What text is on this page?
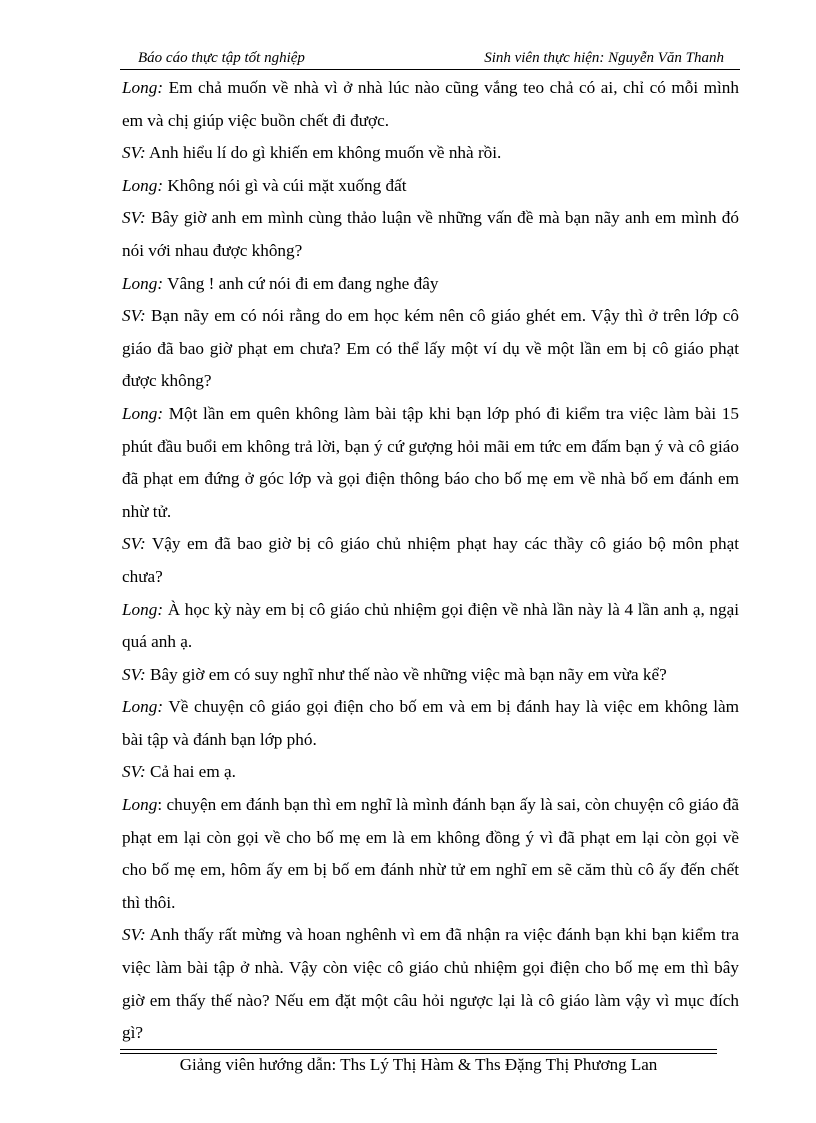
Báo cáo thực tập tốt nghiệp	Sinh viên thực hiện: Nguyễn Văn Thanh

Long: Em chả muốn về nhà vì ở nhà lúc nào cũng vắng teo chả có ai, chỉ có mỗi mình em và chị giúp việc buồn chết đi được.

SV: Anh hiểu lí do gì khiến em không muốn về nhà rồi.

Long: Không nói gì và cúi mặt xuống đất

SV: Bây giờ anh em mình cùng thảo luận về những vấn đề mà bạn nãy anh em mình đó nói với nhau được không?

Long: Vâng ! anh cứ nói đi em đang nghe đây

SV: Bạn nãy em có nói rằng do em học kém nên cô giáo ghét em. Vậy thì ở trên lớp cô giáo đã bao giờ phạt em chưa? Em có thể lấy một ví dụ về một lần em bị cô giáo phạt được không?

Long: Một lần em quên không làm bài tập khi bạn lớp phó đi kiểm tra việc làm bài 15 phút đầu buổi em không trả lời, bạn ý cứ gượng hỏi mãi em tức em đấm bạn ý và cô giáo đã phạt em đứng ở góc lớp và gọi điện thông báo cho bố mẹ em về nhà bố em đánh em nhừ tử.

SV: Vậy em đã bao giờ bị cô giáo chủ nhiệm phạt hay các thầy cô giáo bộ môn phạt chưa?

Long: À học kỳ này em bị cô giáo chủ nhiệm gọi điện về nhà lần này là 4 lần anh ạ, ngại quá anh ạ.

SV: Bây giờ em có suy nghĩ như thế nào về những việc mà bạn nãy em vừa kể?

Long: Về chuyện cô giáo gọi điện cho bố em và em bị đánh hay là việc em không làm bài tập và đánh bạn lớp phó.

SV: Cả hai em ạ.

Long: chuyện em đánh bạn thì em nghĩ là mình đánh bạn ấy là sai, còn chuyện cô giáo đã phạt em lại còn gọi về cho bố mẹ em là em không đồng ý vì đã phạt em lại còn gọi về cho bố mẹ em, hôm ấy em bị bố em đánh nhừ tử em nghĩ em sẽ căm thù cô ấy đến chết thì thôi.

SV: Anh thấy rất mừng và hoan nghênh vì em đã nhận ra việc đánh bạn khi bạn kiểm tra việc làm bài tập ở nhà. Vậy còn việc cô giáo chủ nhiệm gọi điện cho bố mẹ em thì bây giờ em thấy thế nào? Nếu em đặt một câu hỏi ngược lại là cô giáo làm vậy vì mục đích gì?

Giảng viên hướng dẫn: Ths Lý Thị Hàm & Ths Đặng Thị Phương Lan
